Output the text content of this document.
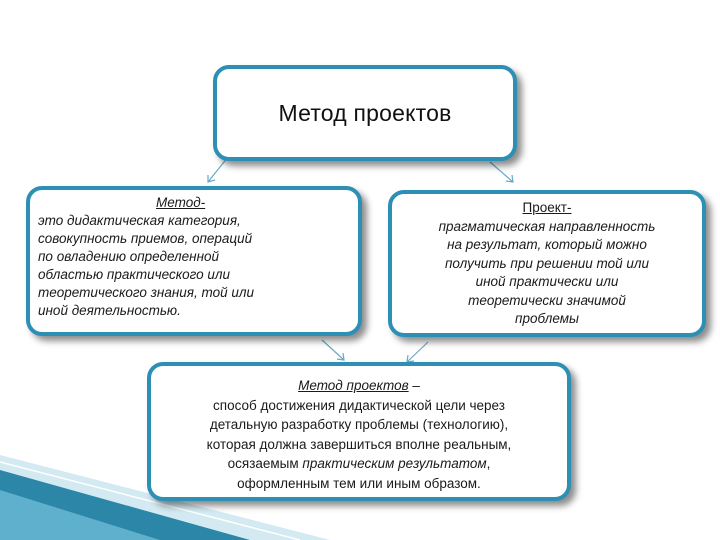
Метод проектов
Метод-
это дидактическая категория,
совокупность приемов, операций
по овладению определенной
областью практического или
теоретического знания, той или
иной деятельностью.
Проект-
прагматическая направленность
на результат, который можно
получить при решении той или
иной практически или
теоретически значимой
проблемы
Метод проектов –
способ достижения дидактической цели через
детальную разработку проблемы (технологию),
которая должна завершиться вполне реальным,
осязаемым практическим результатом,
оформленным тем или иным образом.
